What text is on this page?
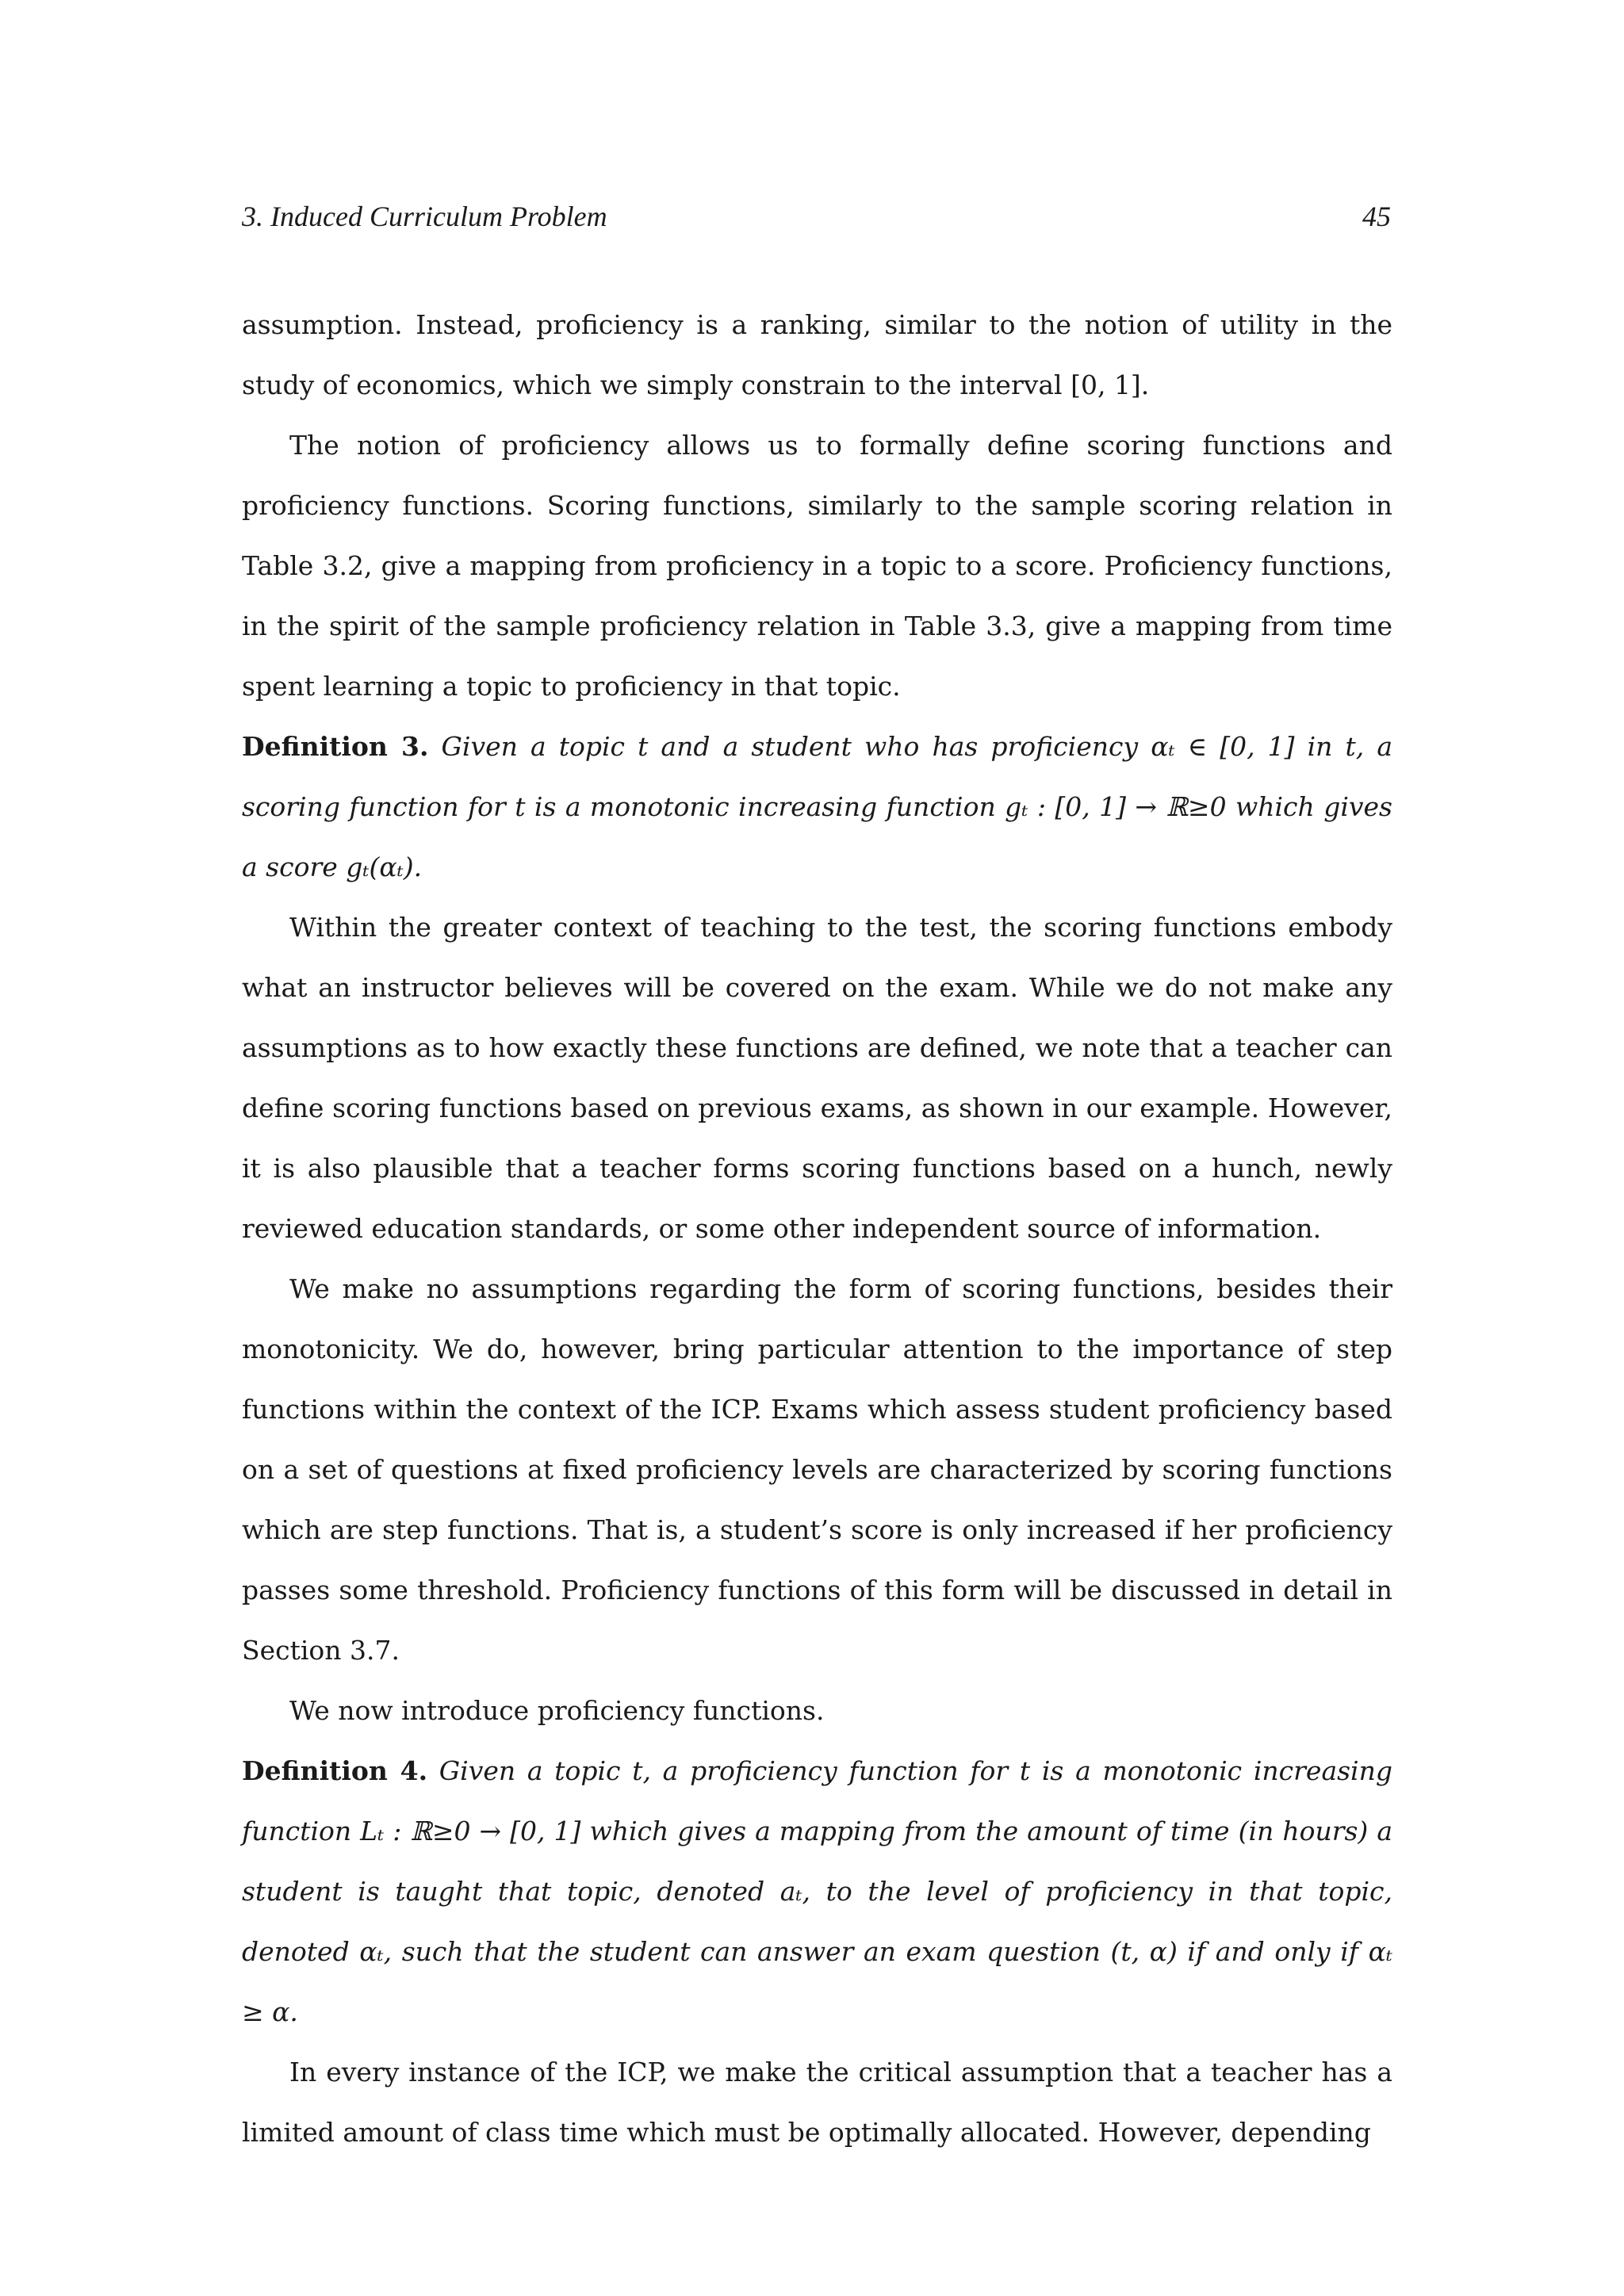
3. Induced Curriculum Problem	45

assumption. Instead, proficiency is a ranking, similar to the notion of utility in the study of economics, which we simply constrain to the interval [0, 1].

The notion of proficiency allows us to formally define scoring functions and proficiency functions. Scoring functions, similarly to the sample scoring relation in Table 3.2, give a mapping from proficiency in a topic to a score. Proficiency functions, in the spirit of the sample proficiency relation in Table 3.3, give a mapping from time spent learning a topic to proficiency in that topic.

Definition 3. Given a topic t and a student who has proficiency αₜ ∈ [0, 1] in t, a scoring function for t is a monotonic increasing function gₜ : [0, 1] → ℝ≥0 which gives a score gₜ(αₜ).

Within the greater context of teaching to the test, the scoring functions embody what an instructor believes will be covered on the exam. While we do not make any assumptions as to how exactly these functions are defined, we note that a teacher can define scoring functions based on previous exams, as shown in our example. However, it is also plausible that a teacher forms scoring functions based on a hunch, newly reviewed education standards, or some other independent source of information.

We make no assumptions regarding the form of scoring functions, besides their monotonicity. We do, however, bring particular attention to the importance of step functions within the context of the ICP. Exams which assess student proficiency based on a set of questions at fixed proficiency levels are characterized by scoring functions which are step functions. That is, a student’s score is only increased if her proficiency passes some threshold. Proficiency functions of this form will be discussed in detail in Section 3.7.

We now introduce proficiency functions.

Definition 4. Given a topic t, a proficiency function for t is a monotonic increasing function Lₜ : ℝ≥0 → [0, 1] which gives a mapping from the amount of time (in hours) a student is taught that topic, denoted aₜ, to the level of proficiency in that topic, denoted αₜ, such that the student can answer an exam question (t, α) if and only if αₜ ≥ α.

In every instance of the ICP, we make the critical assumption that a teacher has a limited amount of class time which must be optimally allocated. However, depending
